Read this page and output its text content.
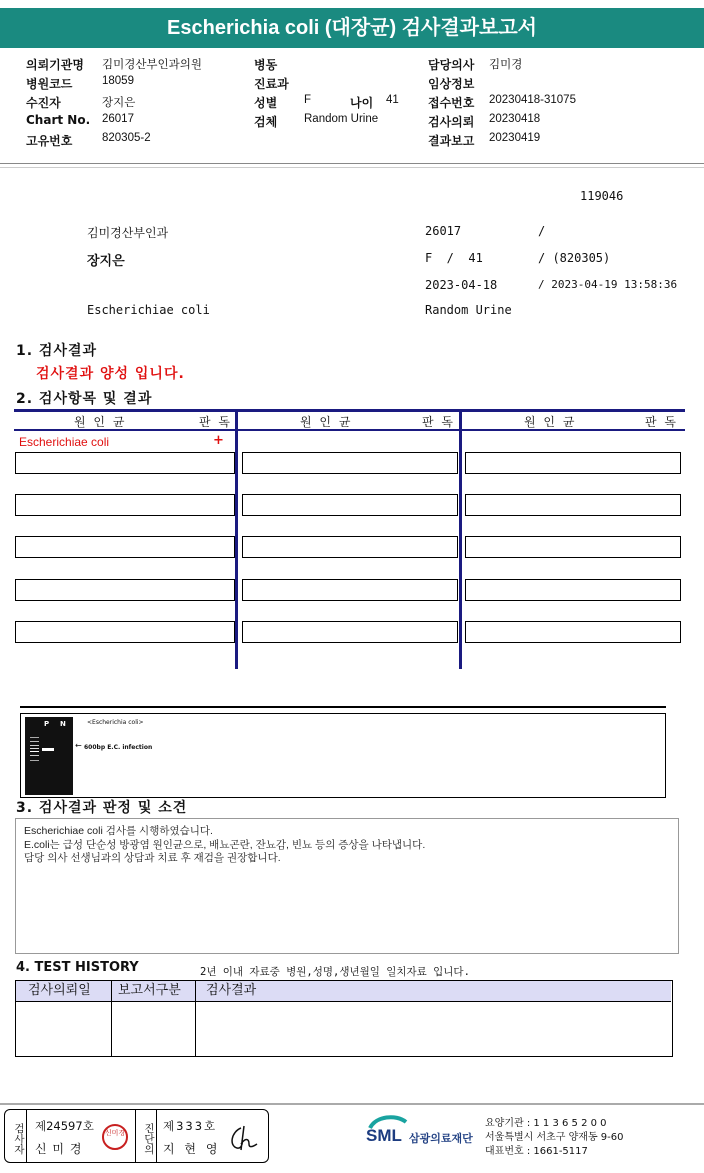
Escherichia coli (대장균) 검사결과보고서
의뢰기관명	김미경산부인과의원
병원코드	18059
수진자	장지은
Chart No.	26017
고유번호	820305-2
병동
진료과
성별	F	나이	41
검체	Random Urine
담당의사	김미경
임상정보
접수번호	20230418-31075
검사의뢰	20230418
결과보고	20230419
119046
김미경산부인과	26017	/
장지은	F  /  41	/ (820305)
2023-04-18	/ 2023-04-19 13:58:36
Escherichiae coli	Random Urine
1. 검사결과
검사결과 양성 입니다.
2. 검사항목 및 결과
원 인 균	판 독	원 인 균	판 독	원 인 균	판 독
Escherichiae coli	+
P N
←
<Escherichia coli>
600bp E.C. infection
3. 검사결과 판정 및 소견
Escherichiae coli 검사를 시행하였습니다.
E.coli는 급성 단순성 방광염 원인균으로, 배뇨곤란, 잔뇨감, 빈뇨 등의 증상을 나타냅니다.
담당 의사 선생님과의 상담과 치료 후 재검을 권장합니다.
4. TEST HISTORY	2년 이내 자료중 병원,성명,생년월일 일치자료 입니다.
검사의뢰일	보고서구분	검사결과
검사자 제24597호
신 미 경
신미경	진단의 제333호
지 현 영
SML 삼광의료재단
요양기관 : 1 1 3 6 5 2 0 0
서울특별시 서초구 양재동 9-60
대표번호 : 1661-5117
